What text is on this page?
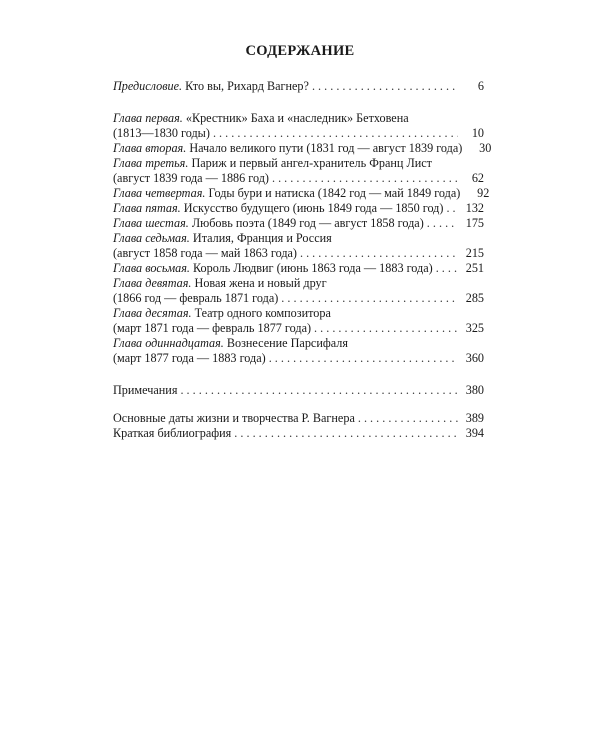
СОДЕРЖАНИЕ
Предисловие. Кто вы, Рихард Вагнер? . . .	6
Глава первая. «Крестник» Баха и «наследник» Бетховена
(1813—1830 годы) . . .	10
Глава вторая. Начало великого пути (1831 год — август 1839 года)	30
Глава третья. Париж и первый ангел-хранитель Франц Лист
(август 1839 года — 1886 год) . . .	62
Глава четвертая. Годы бури и натиска (1842 год — май 1849 года)	92
Глава пятая. Искусство будущего (июнь 1849 года — 1850 год) . . .	132
Глава шестая. Любовь поэта (1849 год — август 1858 года) . . .	175
Глава седьмая. Италия, Франция и Россия
(август 1858 года — май 1863 года) . . .	215
Глава восьмая. Король Людвиг (июнь 1863 года — 1883 года) . . .	251
Глава девятая. Новая жена и новый друг
(1866 год — февраль 1871 года) . . .	285
Глава десятая. Театр одного композитора
(март 1871 года — февраль 1877 года) . . .	325
Глава одиннадцатая. Вознесение Парсифаля
(март 1877 года — 1883 года) . . .	360
Примечания . . .	380
Основные даты жизни и творчества Р. Вагнера . . .	389
Краткая библиография . . .	394
